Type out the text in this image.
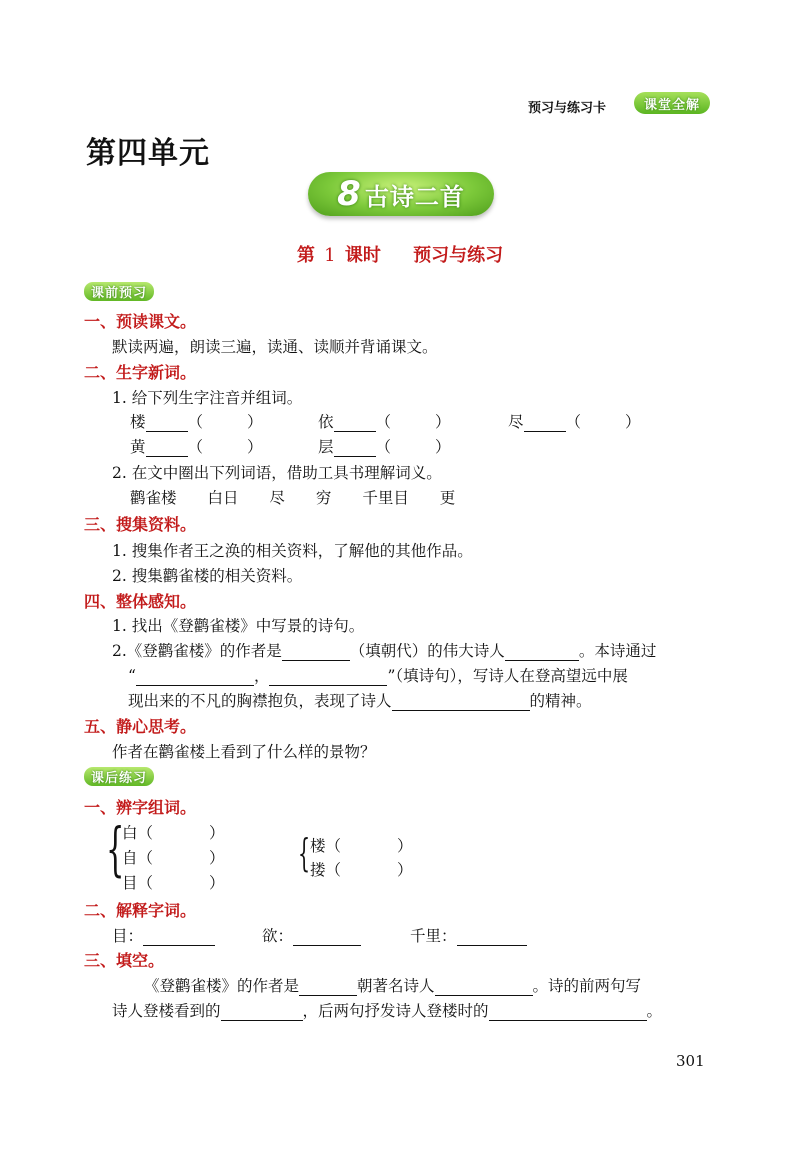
预习与练习卡	课堂全解
第四单元
8 古诗二首
第 1 课时 预习与练习
课前预习
一、预读课文。
默读两遍，朗读三遍，读通、读顺并背诵课文。
二、生字新词。
1. 给下列生字注音并组词。
楼	（	）	依	（	）	尽	（	）
黄	（	）	层	（	）
2. 在文中圈出下列词语，借助工具书理解词义。
鹳雀楼 白日 尽 穷 千里目 更
三、搜集资料。
1. 搜集作者王之涣的相关资料，了解他的其他作品。
2. 搜集鹳雀楼的相关资料。
四、整体感知。
1. 找出《登鹳雀楼》中写景的诗句。
2.《登鹳雀楼》的作者是	（填朝代）的伟大诗人	。本诗通过
“	，	”（填诗句），写诗人在登高望远中展
现出来的不凡的胸襟抱负，表现了诗人	的精神。
五、静心思考。
作者在鹳雀楼上看到了什么样的景物？
课后练习
一、辨字组词。
{
白（	）
自（	）
目（	）
{ 楼（	）
搂（	）
二、解释字词。
目：	欲：	千里：
三、填空。
《登鹳雀楼》的作者是	朝著名诗人	。诗的前两句写
诗人登楼看到的	，后两句抒发诗人登楼时的	。
301
